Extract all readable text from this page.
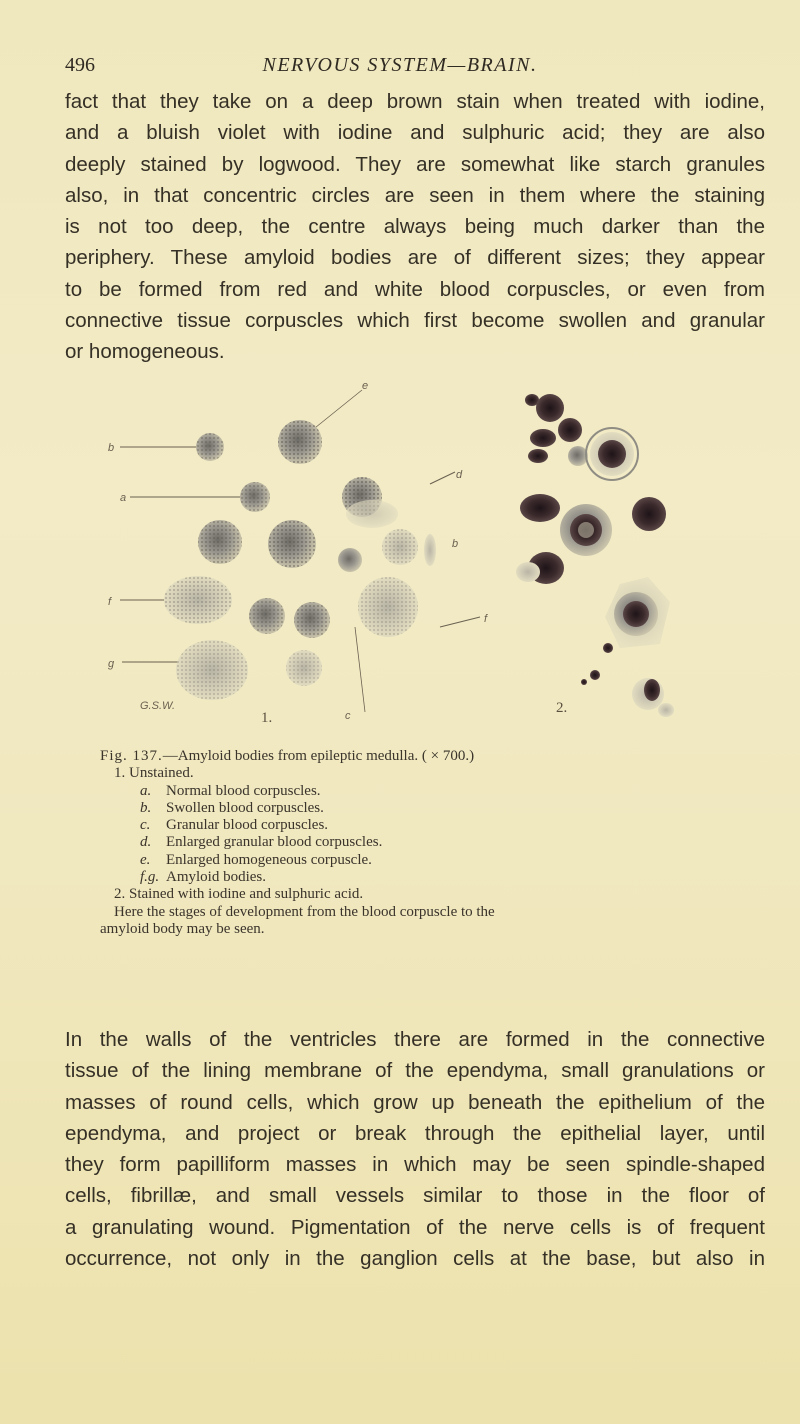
496	NERVOUS SYSTEM—BRAIN.

fact that they take on a deep brown stain when treated with iodine,
and a bluish violet with iodine and sulphuric acid; they are also
deeply stained by logwood. They are somewhat like starch granules
also, in that concentric circles are seen in them where the staining
is not too deep, the centre always being much darker than the
periphery. These amyloid bodies are of different sizes; they appear
to be formed from red and white blood corpuscles, or even from
connective tissue corpuscles which first become swollen and granular
or homogeneous.

b
a
f
g
e
d
b
f
c
G.S.W.
1.
2.
Fig. 137.—Amyloid bodies from epileptic medulla. ( × 700.)
1. Unstained.
a. Normal blood corpuscles.
b. Swollen blood corpuscles.
c. Granular blood corpuscles.
d. Enlarged granular blood corpuscles.
e. Enlarged homogeneous corpuscle.
f.g. Amyloid bodies.
2. Stained with iodine and sulphuric acid.
Here the stages of development from the blood corpuscle to the
amyloid body may be seen.

In the walls of the ventricles there are formed in the connective
tissue of the lining membrane of the ependyma, small granulations or
masses of round cells, which grow up beneath the epithelium of the
ependyma, and project or break through the epithelial layer, until
they form papilliform masses in which may be seen spindle-shaped
cells, fibrillæ, and small vessels similar to those in the floor of
a granulating wound. Pigmentation of the nerve cells is of frequent
occurrence, not only in the ganglion cells at the base, but also in
